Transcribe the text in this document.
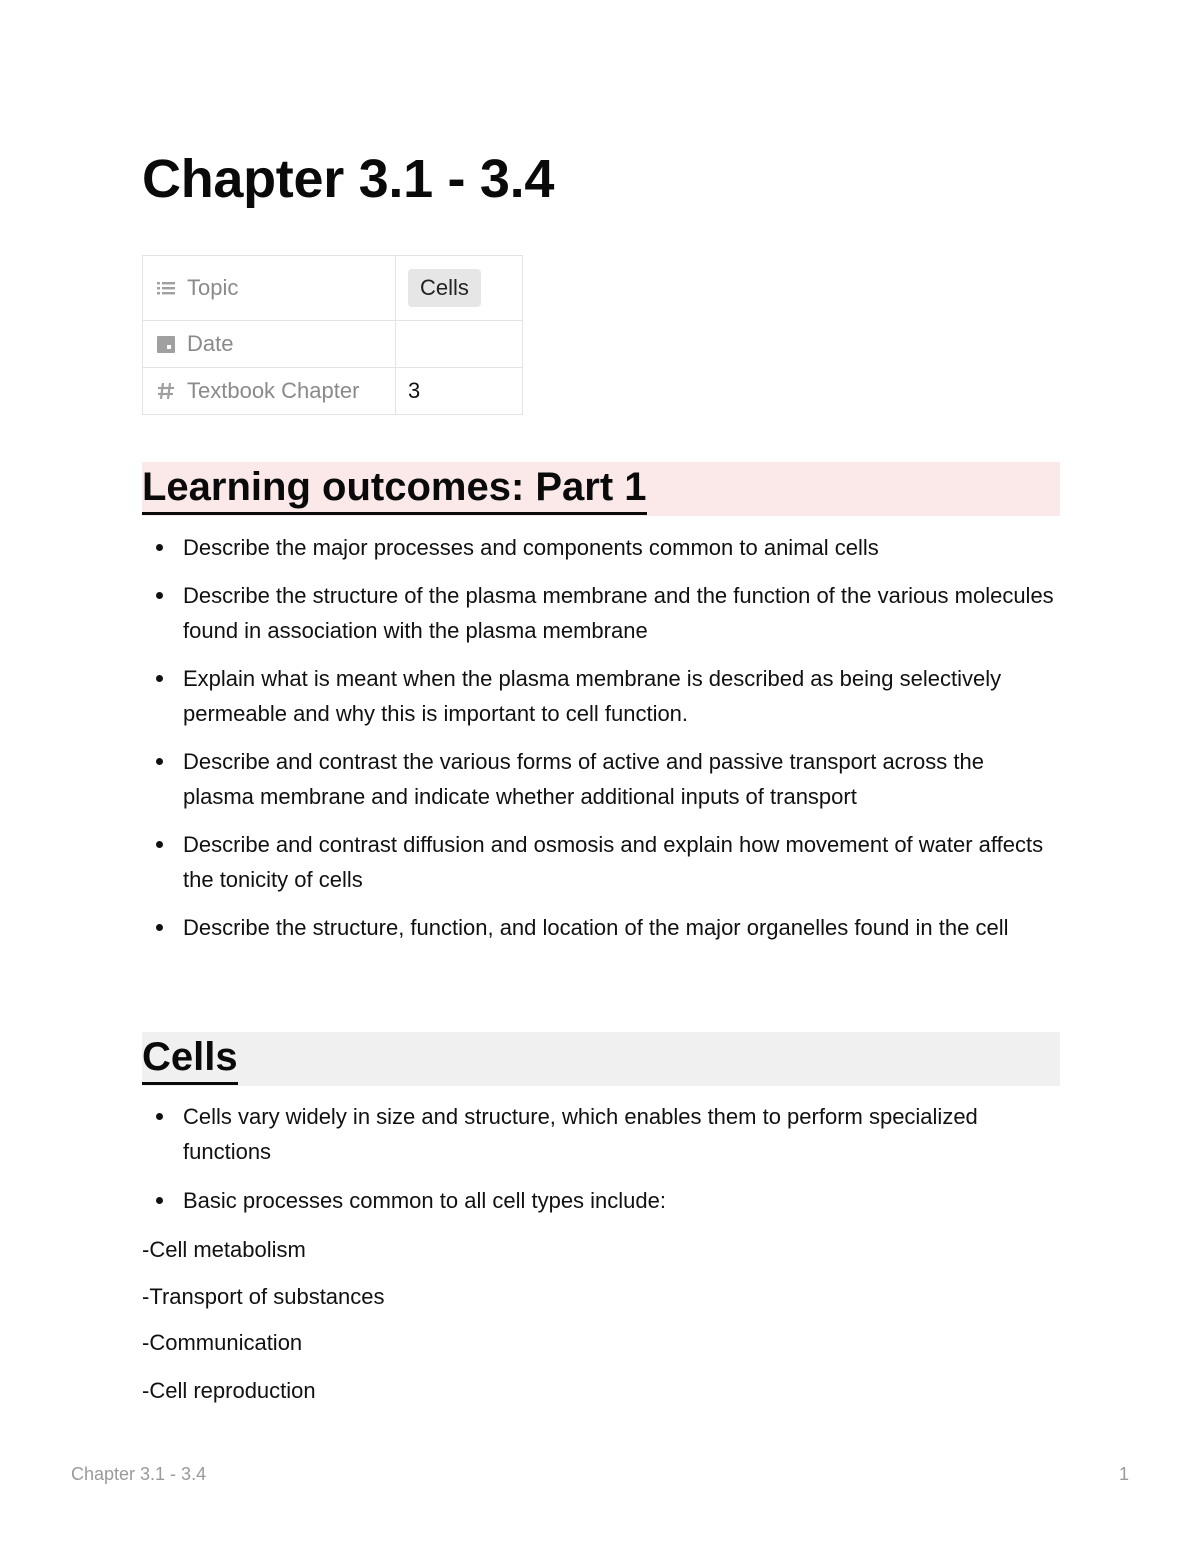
Chapter 3.1 - 3.4
Topic	Cells

Date	

Textbook Chapter	3
Learning outcomes: Part 1
Describe the major processes and components common to animal cells
Describe the structure of the plasma membrane and the function of the various molecules found in association with the plasma membrane
Explain what is meant when the plasma membrane is described as being selectively permeable and why this is important to cell function.
Describe and contrast the various forms of active and passive transport across the plasma membrane and indicate whether additional inputs of transport
Describe and contrast diffusion and osmosis and explain how movement of water affects the tonicity of cells
Describe the structure, function, and location of the major organelles found in the cell
Cells
Cells vary widely in size and structure, which enables them to perform specialized functions
Basic processes common to all cell types include:

-Cell metabolism

-Transport of substances

-Communication

-Cell reproduction

Chapter 3.1 - 3.4	1
